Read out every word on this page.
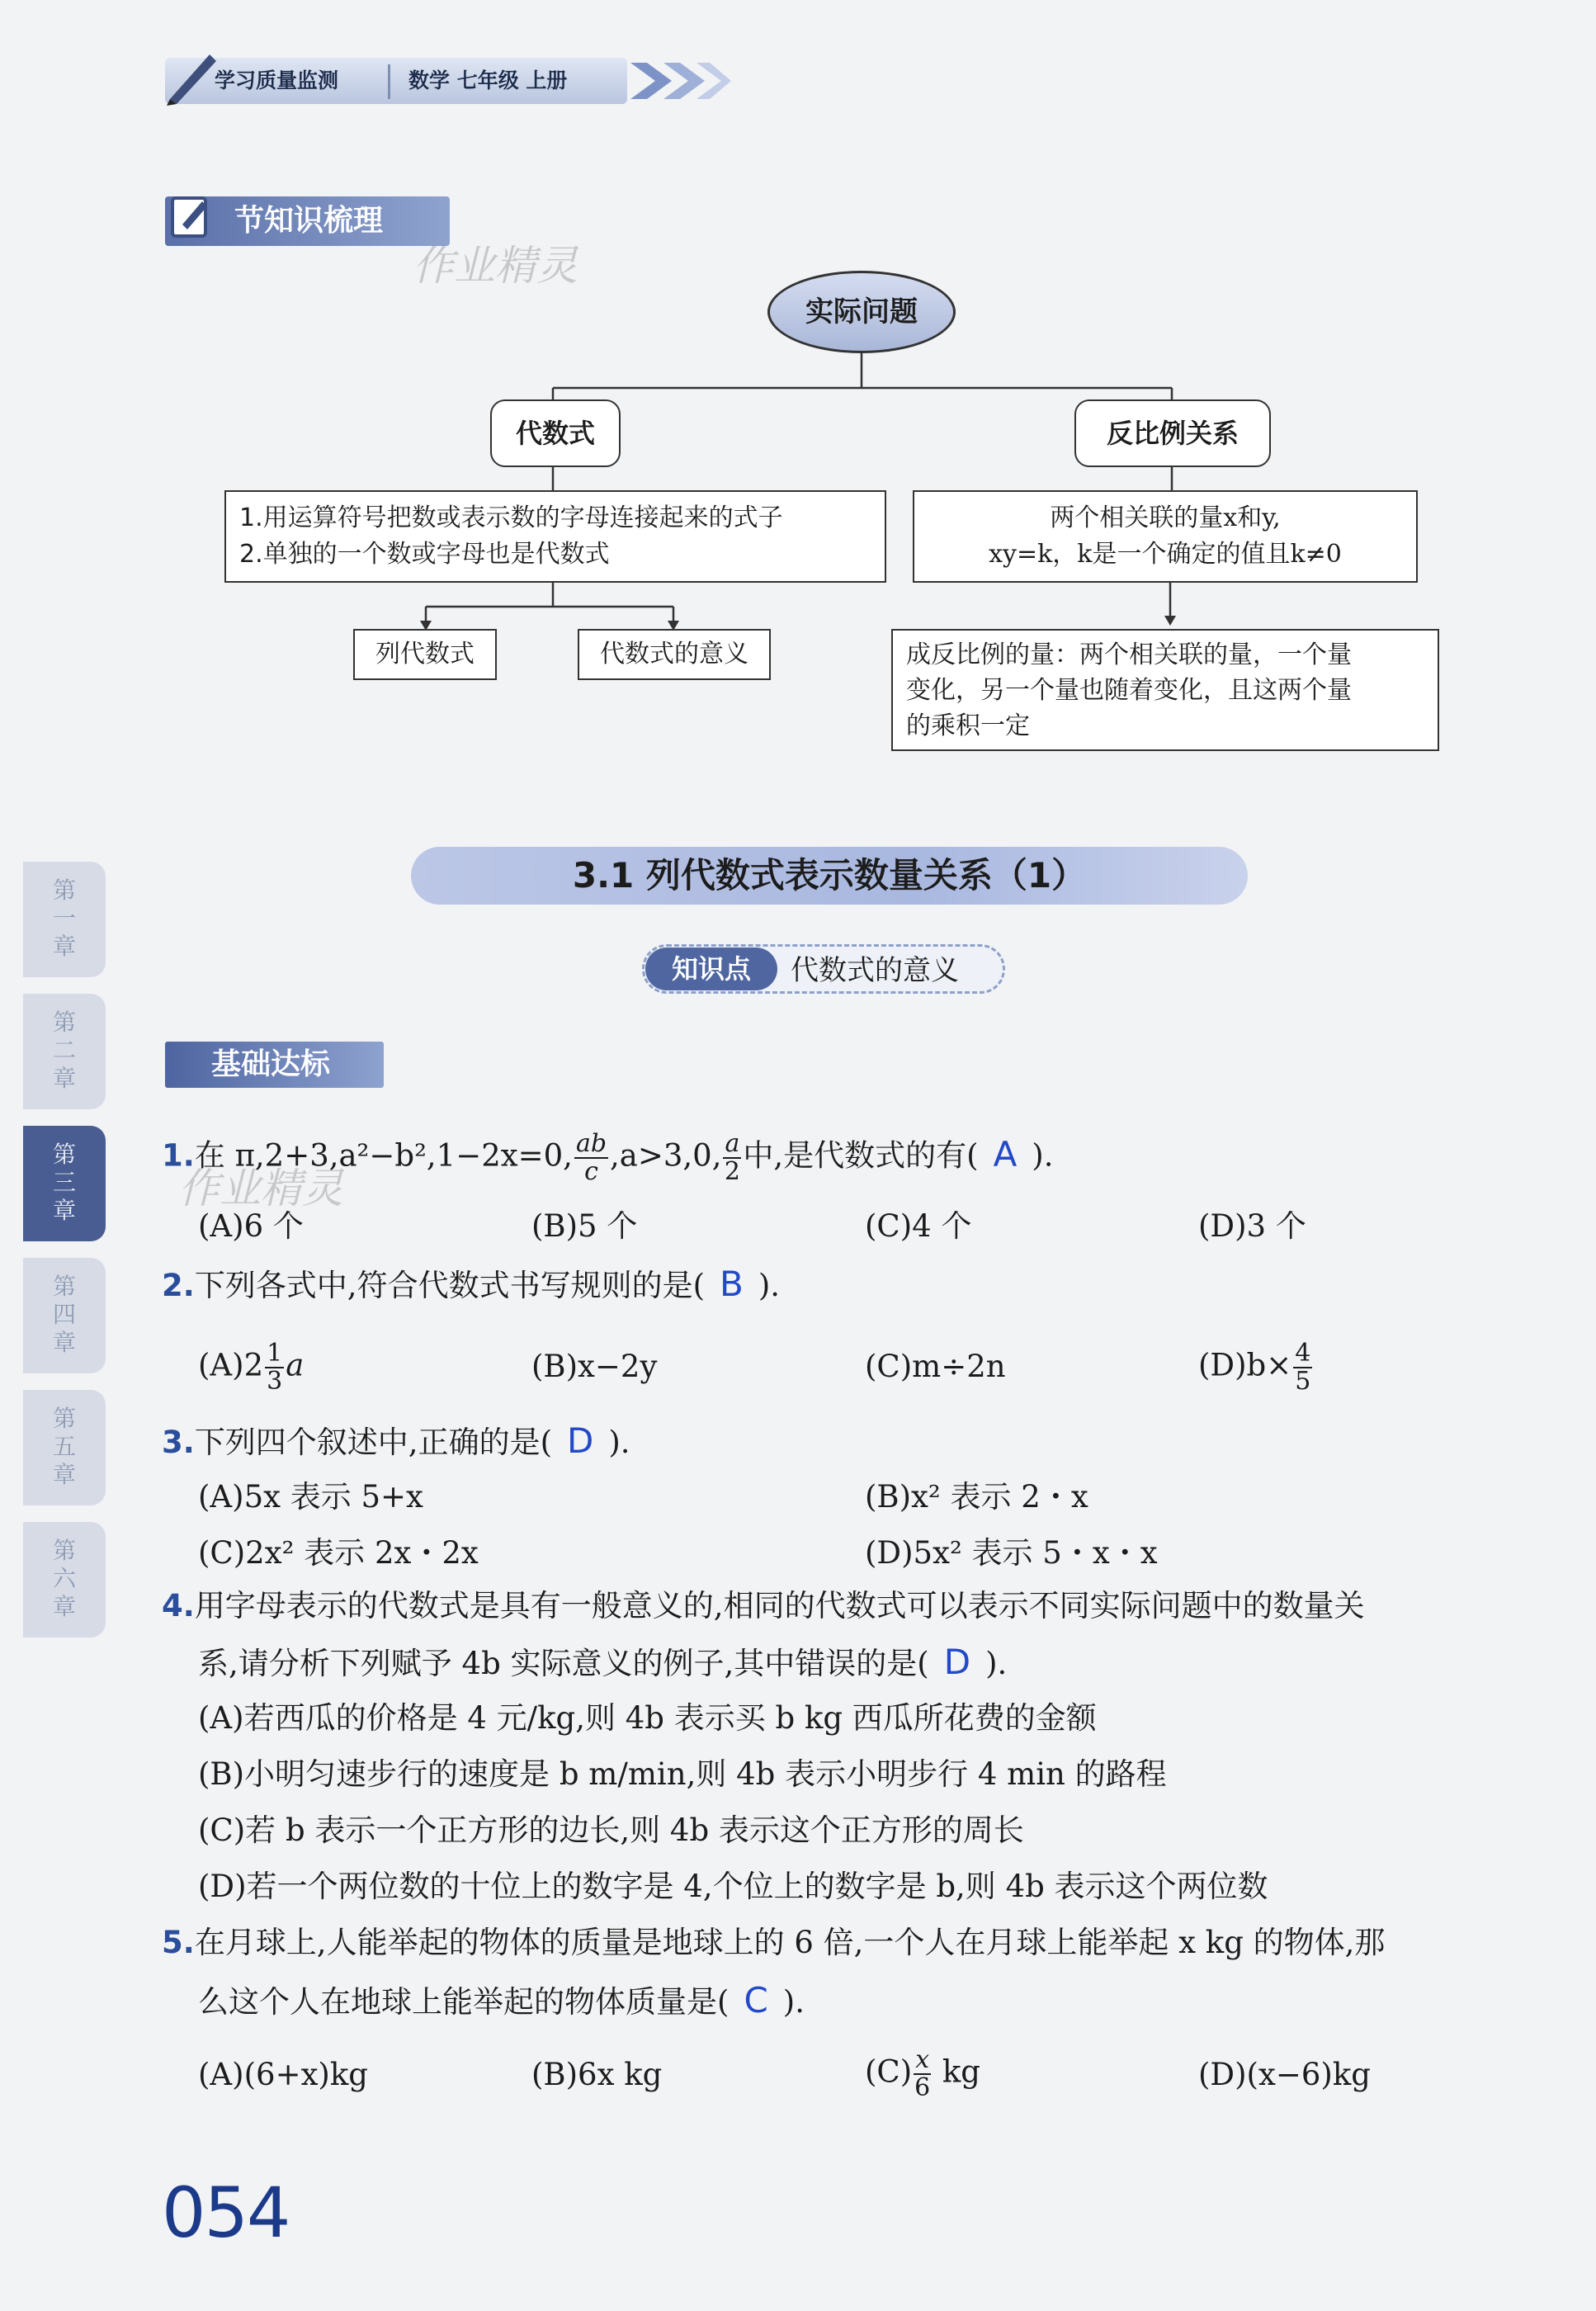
学习质量监测	数学 七年级 上册
节知识梳理
作业精灵
实际问题
代数式	反比例关系
1.用运算符号把数或表示数的字母连接起来的式子
2.单独的一个数或字母也是代数式
两个相关联的量x和y,
xy=k，k是一个确定的值且k≠0
列代数式	代数式的意义	成反比例的量：两个相关联的量，一个量
变化，另一个量也随着变化，且这两个量
的乘积一定
3.1 列代数式表示数量关系（1）
知识点	代数式的意义
基础达标
第一章
第二章
第三章
第四章
第五章
第六章
作业精灵
1.在 π,2+3,a²−b²,1−2x=0, $\frac{ab}{c} ,a>3,0$, $\frac{a}{2}$ 中,是代数式的有( A ).
(A)6 个	(B)5 个	(C)4 个	(D)3 个
2.下列各式中,符合代数式书写规则的是( B ).
$(A)2 \frac{1}{3}$ a	(B)x−2y	(C)m÷2n	$(D)b\times \frac{4}{5}$
3.下列四个叙述中,正确的是( D ).
(A)5x 表示 5+x	(B)x² 表示 2・x
(C)2x² 表示 2x・2x	(D)5x² 表示 5・x・x
4.用字母表示的代数式是具有一般意义的,相同的代数式可以表示不同实际问题中的数量关
系,请分析下列赋予 4b 实际意义的例子,其中错误的是( D ).
(A)若西瓜的价格是 4 元/kg,则 4b 表示买 b kg 西瓜所花费的金额
(B)小明匀速步行的速度是 b m/min,则 4b 表示小明步行 4 min 的路程
(C)若 b 表示一个正方形的边长,则 4b 表示这个正方形的周长
(D)若一个两位数的十位上的数字是 4,个位上的数字是 b,则 4b 表示这个两位数
5.在月球上,人能举起的物体的质量是地球上的 6 倍,一个人在月球上能举起 x kg 的物体,那
么这个人在地球上能举起的物体质量是( C ).
(A)(6+x)kg	(B)6x kg	$(C) \frac{x}{6}$ kg	(D)(x−6)kg
054
